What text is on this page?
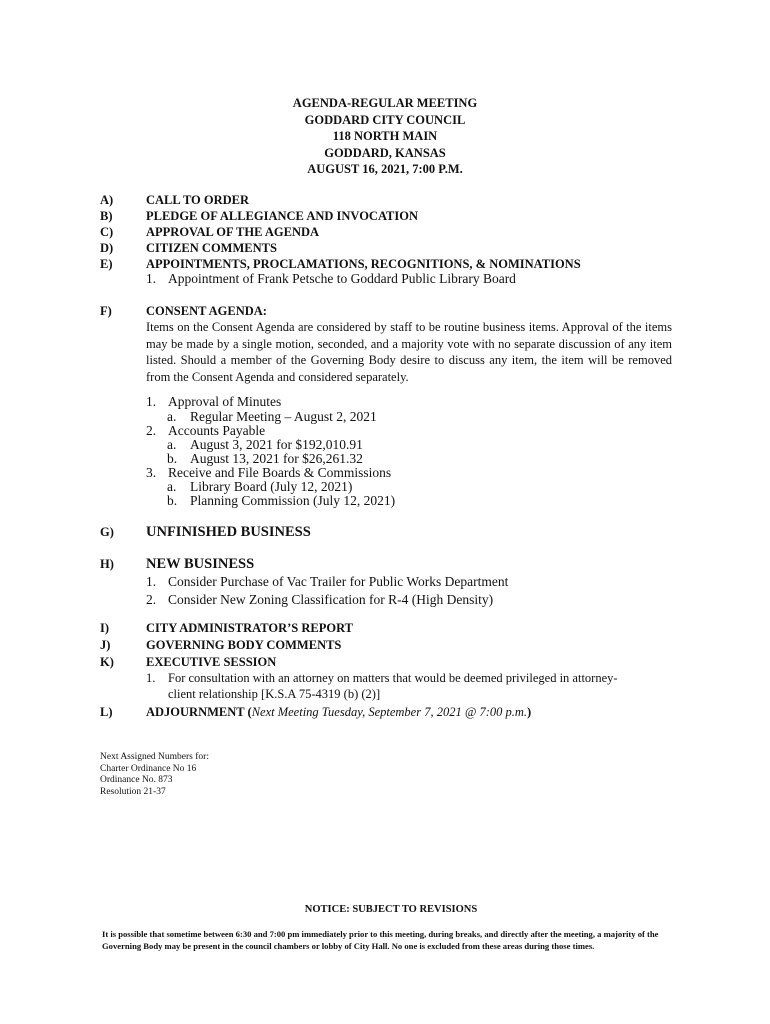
AGENDA-REGULAR MEETING
GODDARD CITY COUNCIL
118 NORTH MAIN
GODDARD, KANSAS
AUGUST 16, 2021, 7:00 P.M.
A)	CALL TO ORDER
B)	PLEDGE OF ALLEGIANCE AND INVOCATION
C)	APPROVAL OF THE AGENDA
D)	CITIZEN COMMENTS
E)	APPOINTMENTS, PROCLAMATIONS, RECOGNITIONS, & NOMINATIONS
1. Appointment of Frank Petsche to Goddard Public Library Board
F)	CONSENT AGENDA:
Items on the Consent Agenda are considered by staff to be routine business items. Approval of the items may be made by a single motion, seconded, and a majority vote with no separate discussion of any item listed. Should a member of the Governing Body desire to discuss any item, the item will be removed from the Consent Agenda and considered separately.
1. Approval of Minutes
a. Regular Meeting – August 2, 2021
2. Accounts Payable
a. August 3, 2021 for $192,010.91
b. August 13, 2021 for $26,261.32
3. Receive and File Boards & Commissions
a. Library Board (July 12, 2021)
b. Planning Commission (July 12, 2021)
G)	UNFINISHED BUSINESS
H)	NEW BUSINESS
1. Consider Purchase of Vac Trailer for Public Works Department
2. Consider New Zoning Classification for R-4 (High Density)
I)	CITY ADMINISTRATOR’S REPORT
J)	GOVERNING BODY COMMENTS
K)	EXECUTIVE SESSION
1. For consultation with an attorney on matters that would be deemed privileged in attorney-
client relationship [K.S.A 75-4319 (b) (2)]
L)	ADJOURNMENT (Next Meeting Tuesday, September 7, 2021 @ 7:00 p.m.)
Next Assigned Numbers for:
Charter Ordinance No 16
Ordinance No. 873
Resolution 21-37
NOTICE: SUBJECT TO REVISIONS
It is possible that sometime between 6:30 and 7:00 pm immediately prior to this meeting, during breaks, and directly after the meeting, a majority of the Governing Body may be present in the council chambers or lobby of City Hall. No one is excluded from these areas during those times.
